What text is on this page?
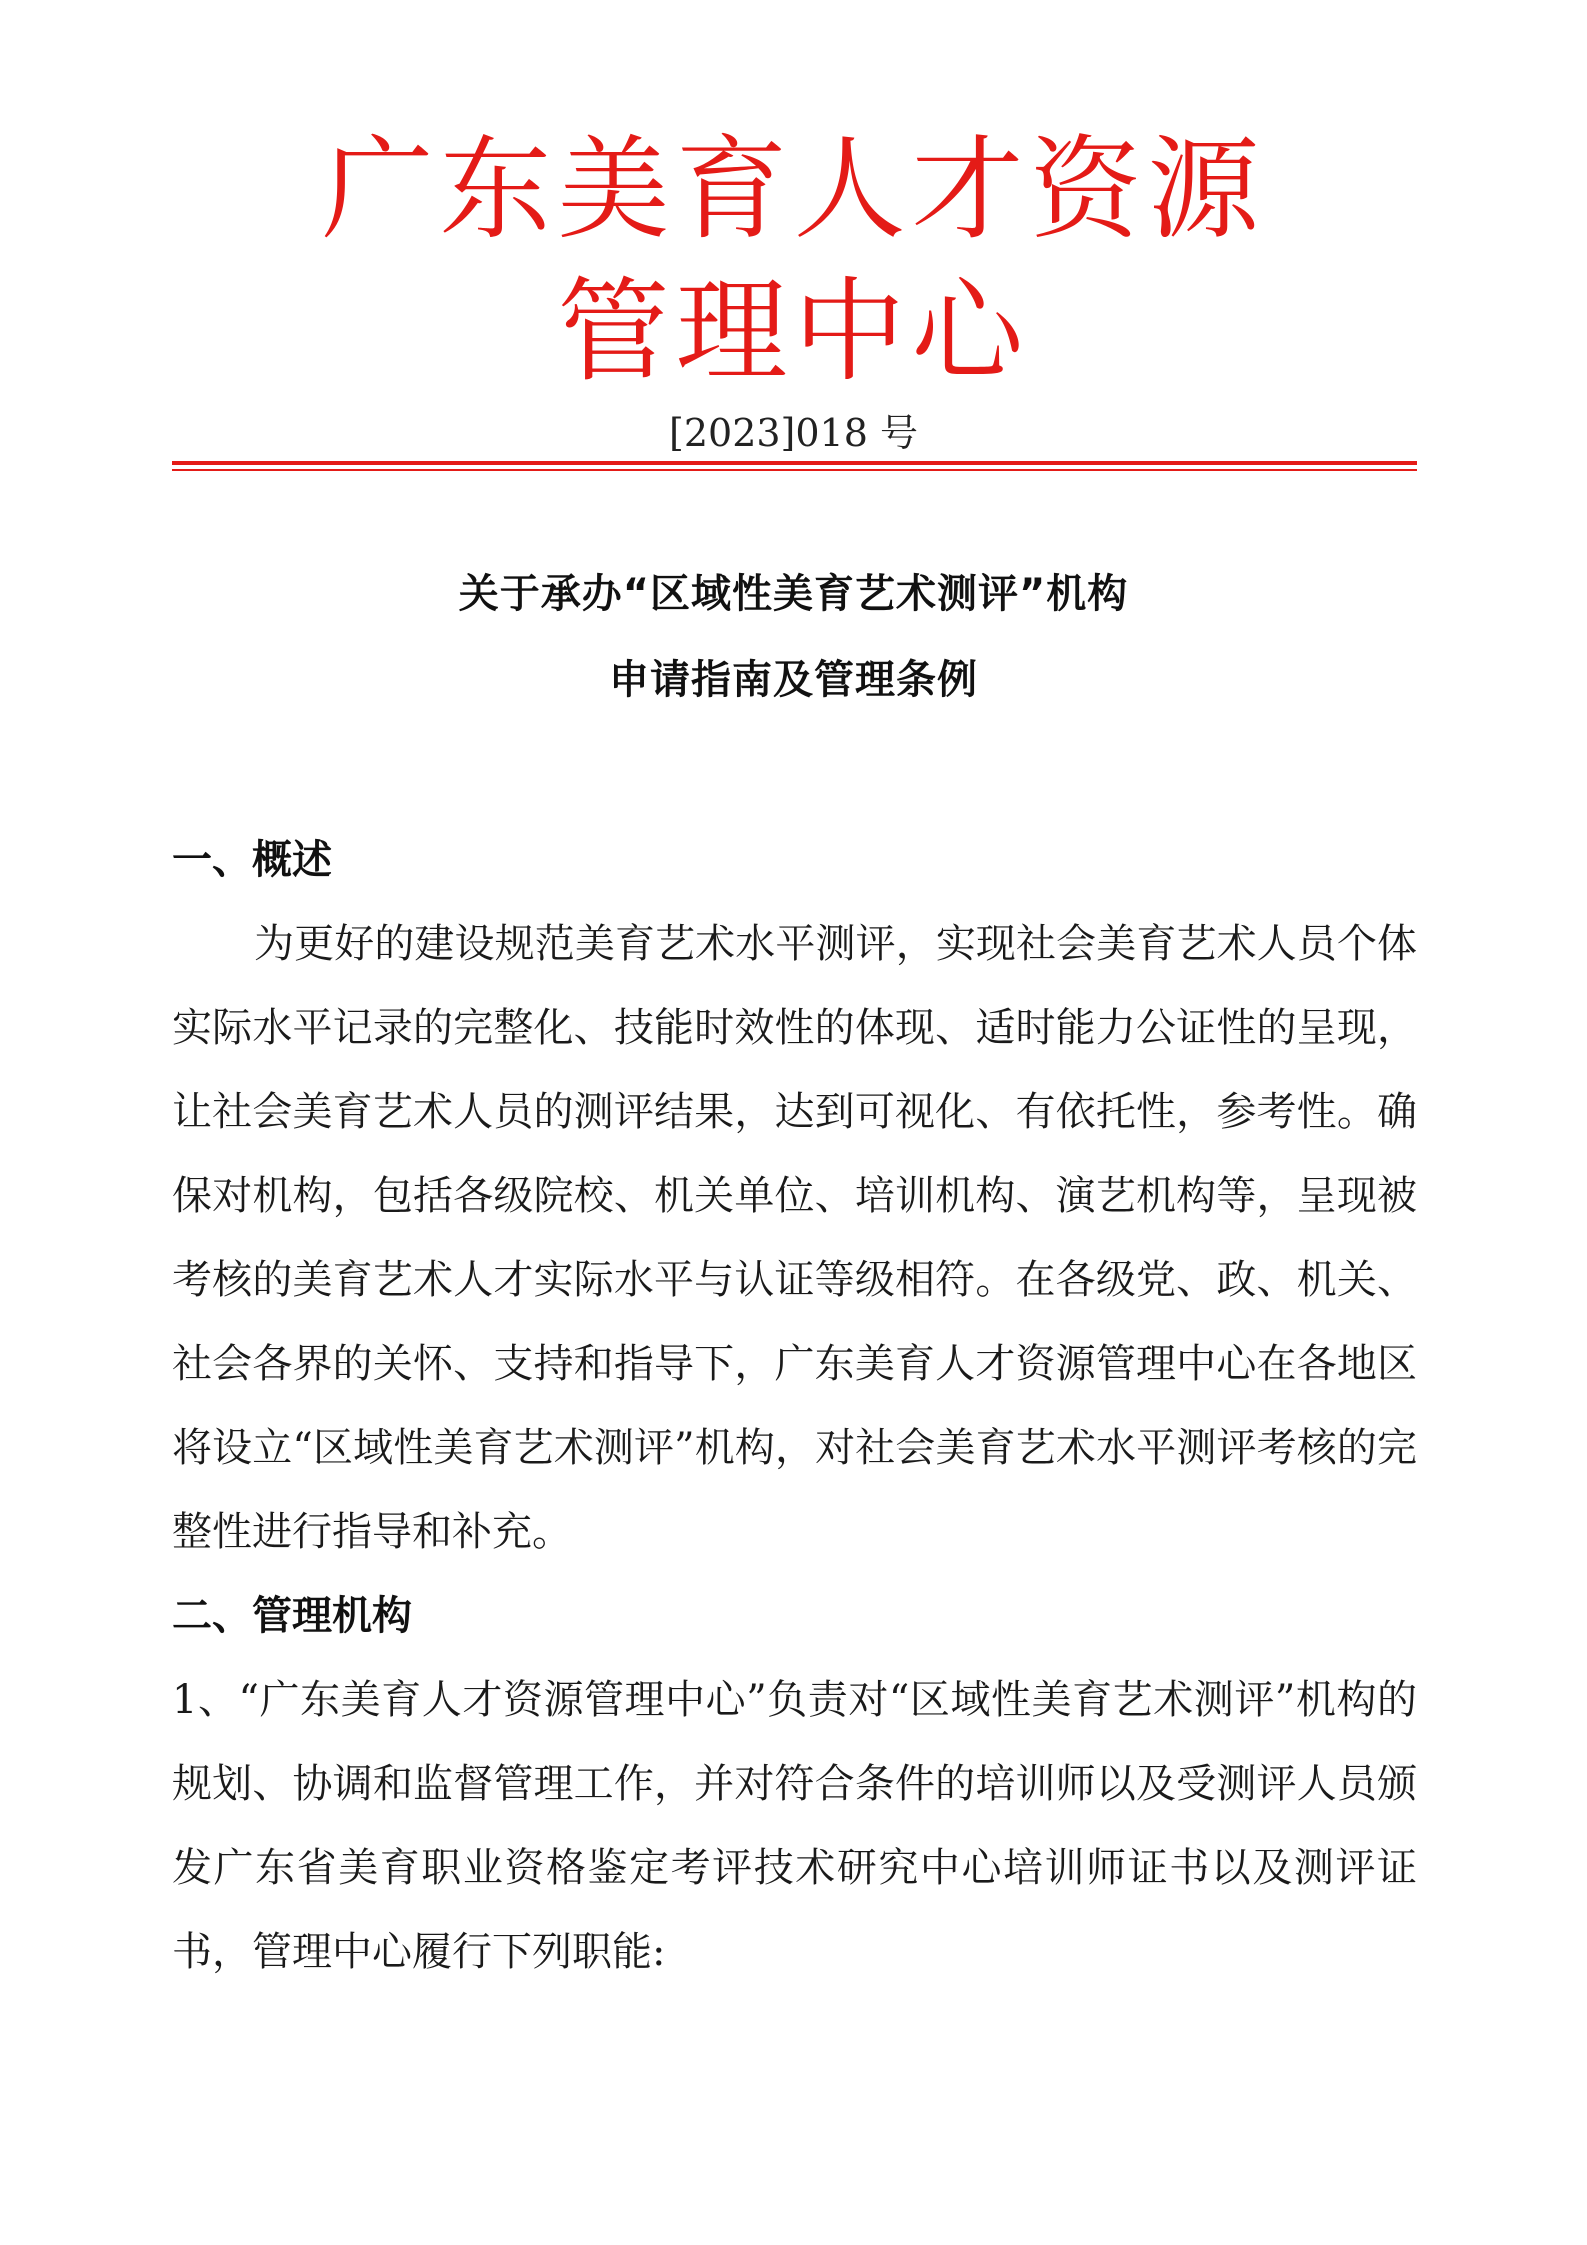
广东美育人才资源
管理中心
[2023]018 号
关于承办“区域性美育艺术测评”机构
申请指南及管理条例
一、概述

为更好的建设规范美育艺术水平测评，实现社会美育艺术人员个体实际水平记录的完整化、技能时效性的体现、适时能力公证性的呈现，让社会美育艺术人员的测评结果，达到可视化、有依托性，参考性。确保对机构，包括各级院校、机关单位、培训机构、演艺机构等，呈现被考核的美育艺术人才实际水平与认证等级相符。在各级党、政、机关、社会各界的关怀、支持和指导下，广东美育人才资源管理中心在各地区将设立“区域性美育艺术测评”机构，对社会美育艺术水平测评考核的完整性进行指导和补充。

二、管理机构

1、“广东美育人才资源管理中心”负责对“区域性美育艺术测评”机构的规划、协调和监督管理工作，并对符合条件的培训师以及受测评人员颁发广东省美育职业资格鉴定考评技术研究中心培训师证书以及测评证书，管理中心履行下列职能:
